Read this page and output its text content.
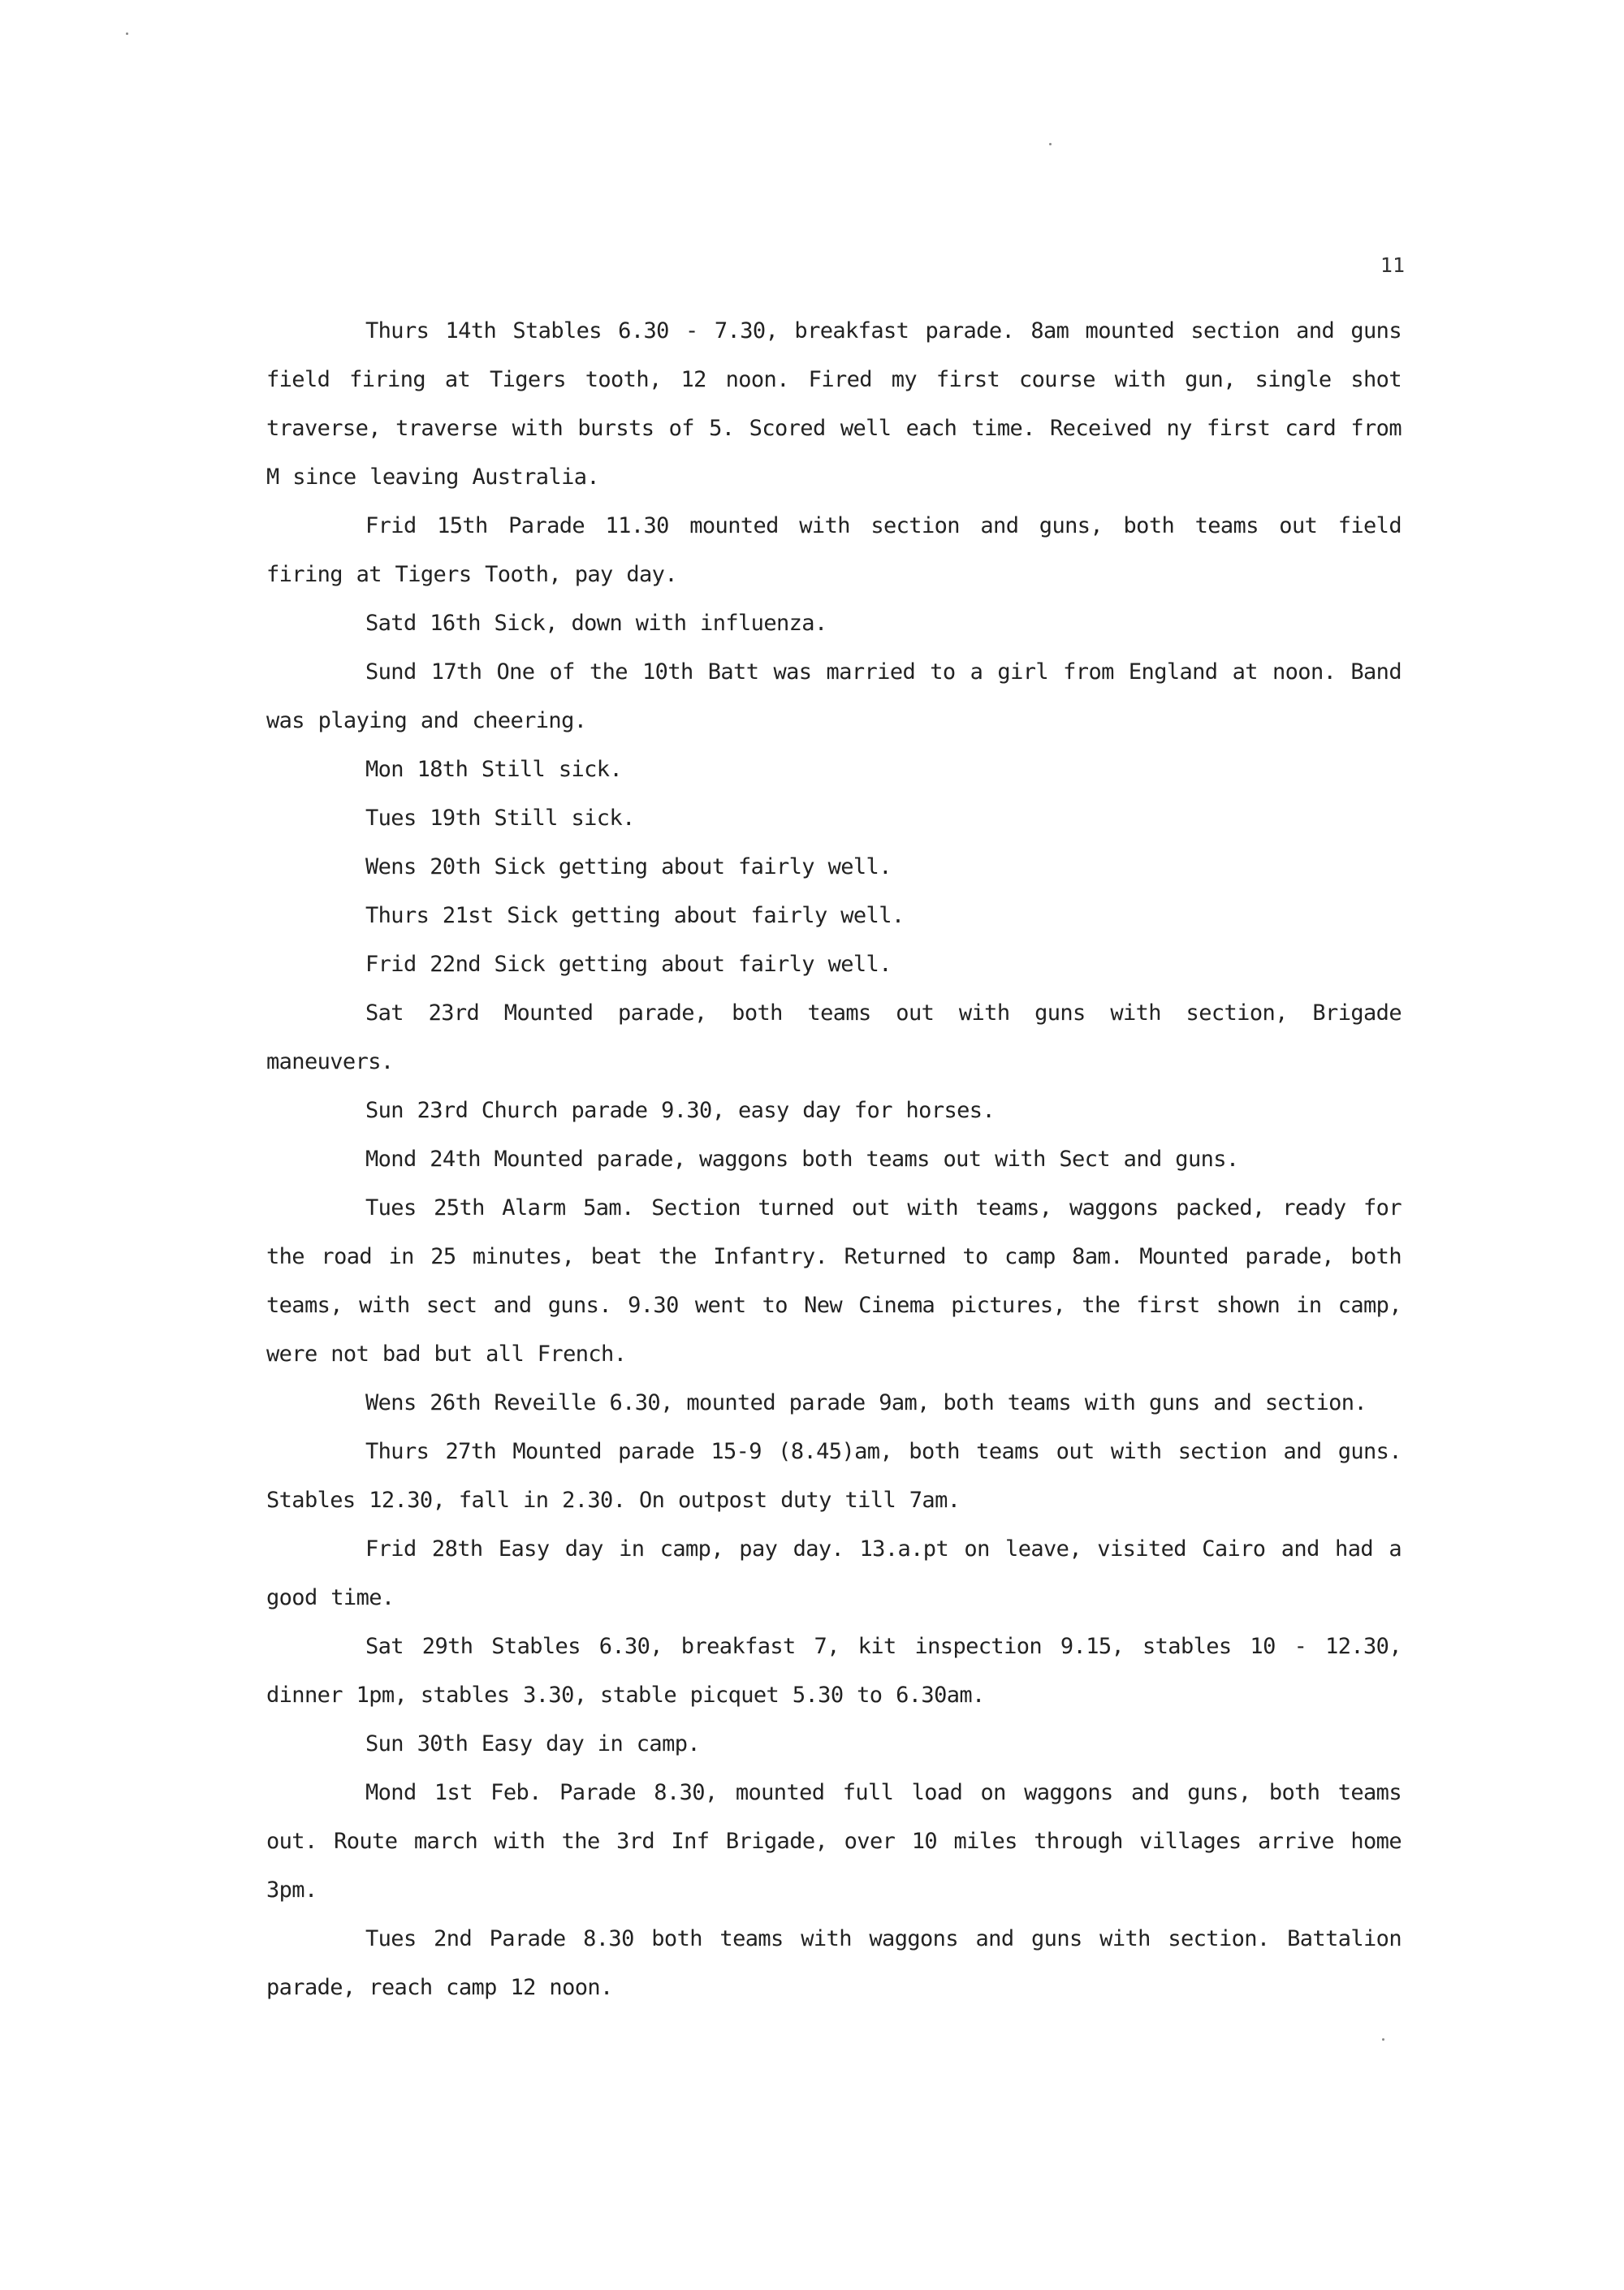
11

Thurs 14th Stables 6.30 - 7.30, breakfast parade. 8am mounted section and guns field firing at Tigers tooth, 12 noon. Fired my first course with gun, single shot traverse, traverse with bursts of 5. Scored well each time. Received ny first card from M since leaving Australia.

Frid 15th Parade 11.30 mounted with section and guns, both teams out field firing at Tigers Tooth, pay day.

Satd 16th Sick, down with influenza.

Sund 17th One of the 10th Batt was married to a girl from England at noon. Band was playing and cheering.

Mon 18th Still sick.

Tues 19th Still sick.

Wens 20th Sick getting about fairly well.

Thurs 21st Sick getting about fairly well.

Frid 22nd Sick getting about fairly well.

Sat 23rd Mounted parade, both teams out with guns with section, Brigade maneuvers.

Sun 23rd Church parade 9.30, easy day for horses.

Mond 24th Mounted parade, waggons both teams out with Sect and guns.

Tues 25th Alarm 5am. Section turned out with teams, waggons packed, ready for the road in 25 minutes, beat the Infantry. Returned to camp 8am. Mounted parade, both teams, with sect and guns. 9.30 went to New Cinema pictures, the first shown in camp, were not bad but all French.

Wens 26th Reveille 6.30, mounted parade 9am, both teams with guns and section.

Thurs 27th Mounted parade 15-9 (8.45)am, both teams out with section and guns. Stables 12.30, fall in 2.30. On outpost duty till 7am.

Frid 28th Easy day in camp, pay day. 13.a.pt on leave, visited Cairo and had a good time.

Sat 29th Stables 6.30, breakfast 7, kit inspection 9.15, stables 10 - 12.30, dinner 1pm, stables 3.30, stable picquet 5.30 to 6.30am.

Sun 30th Easy day in camp.

Mond 1st Feb. Parade 8.30, mounted full load on waggons and guns, both teams out. Route march with the 3rd Inf Brigade, over 10 miles through villages arrive home 3pm.

Tues 2nd Parade 8.30 both teams with waggons and guns with section. Battalion parade, reach camp 12 noon.
